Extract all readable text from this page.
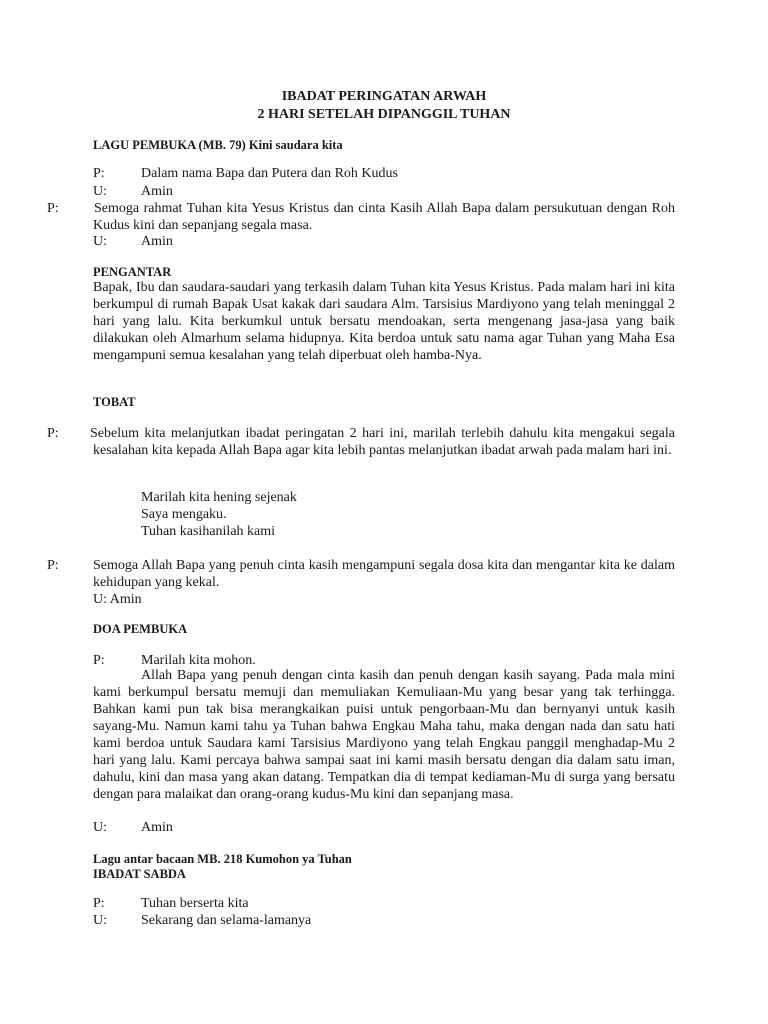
IBADAT PERINGATAN ARWAH
2 HARI SETELAH DIPANGGIL TUHAN
LAGU PEMBUKA (MB. 79) Kini saudara kita
P:	Dalam nama Bapa dan Putera dan Roh Kudus
U: Amin
P:	Semoga rahmat Tuhan kita Yesus Kristus dan cinta Kasih Allah Bapa dalam persukutuan dengan Roh Kudus kini dan sepanjang segala masa.
U: Amin
PENGANTAR
Bapak, Ibu dan saudara-saudari yang terkasih dalam Tuhan kita Yesus Kristus. Pada malam hari ini kita berkumpul di rumah Bapak Usat kakak dari saudara Alm. Tarsisius Mardiyono yang telah meninggal 2 hari yang lalu. Kita berkumkul untuk bersatu mendoakan, serta mengenang jasa-jasa yang baik dilakukan oleh Almarhum selama hidupnya. Kita berdoa untuk satu nama agar Tuhan yang Maha Esa mengampuni semua kesalahan yang telah diperbuat oleh hamba-Nya.
TOBAT
P: Sebelum kita melanjutkan ibadat peringatan 2 hari ini, marilah terlebih dahulu kita mengakui segala kesalahan kita kepada Allah Bapa agar kita lebih pantas melanjutkan ibadat arwah pada malam hari ini.
Marilah kita hening sejenak
Saya mengaku.
Tuhan kasihanilah kami
P: Semoga Allah Bapa yang penuh cinta kasih mengampuni segala dosa kita dan mengantar kita ke dalam kehidupan yang kekal.
U: Amin
DOA PEMBUKA
P:	Marilah kita mohon.
Allah Bapa yang penuh dengan cinta kasih dan penuh dengan kasih sayang. Pada mala mini kami berkumpul bersatu memuji dan memuliakan Kemuliaan-Mu yang besar yang tak terhingga. Bahkan kami pun tak bisa merangkaikan puisi untuk pengorbaan-Mu dan bernyanyi untuk kasih sayang-Mu. Namun kami tahu ya Tuhan bahwa Engkau Maha tahu, maka dengan nada dan satu hati kami berdoa untuk Saudara kami Tarsisius Mardiyono yang telah Engkau panggil menghadap-Mu 2 hari yang lalu. Kami percaya bahwa sampai saat ini kami masih bersatu dengan dia dalam satu iman, dahulu, kini dan masa yang akan datang. Tempatkan dia di tempat kediaman-Mu di surga yang bersatu dengan para malaikat dan orang-orang kudus-Mu kini dan sepanjang masa.
U: Amin
Lagu antar bacaan MB. 218 Kumohon ya Tuhan
IBADAT SABDA
P:	Tuhan berserta kita
U: Sekarang dan selama-lamanya
